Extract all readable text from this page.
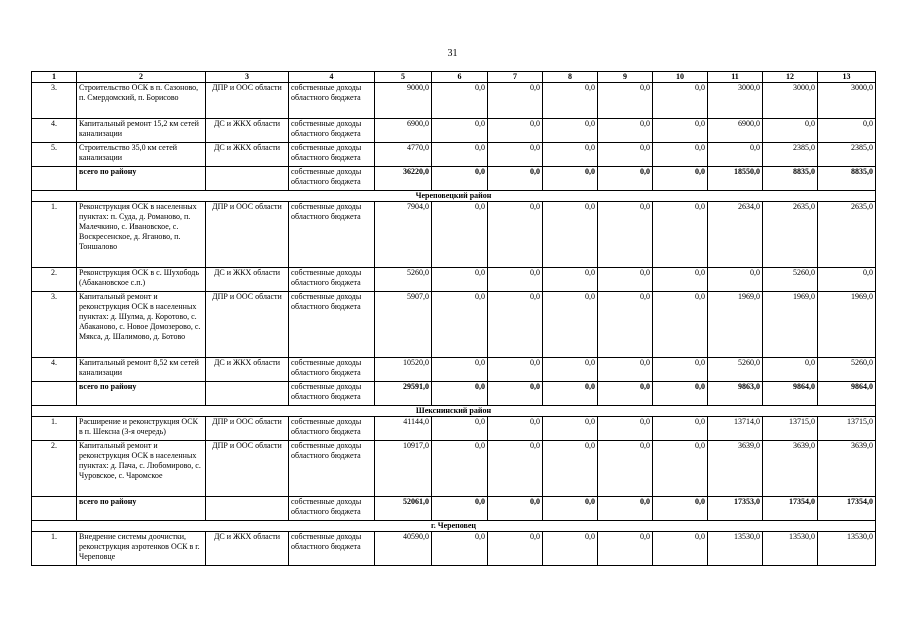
31
1	2	3	4	5	6	7	8	9	10	11	12	13
3.	Строительство ОСК в п. Сазоново, п. Смердомский, п. Борисово	ДПР и ООС области	собственные доходы областного бюджета	9000,0	0,0	0,0	0,0	0,0	0,0	3000,0	3000,0	3000,0
4.	Капитальный ремонт 15,2 км сетей канализации	ДС и ЖКХ области	собственные доходы областного бюджета	6900,0	0,0	0,0	0,0	0,0	0,0	6900,0	0,0	0,0
5.	Строительство 35,0 км сетей канализации	ДС и ЖКХ области	собственные доходы областного бюджета	4770,0	0,0	0,0	0,0	0,0	0,0	0,0	2385,0	2385,0
	всего по району		собственные доходы областного бюджета	36220,0	0,0	0,0	0,0	0,0	0,0	18550,0	8835,0	8835,0
Череповецкий район												
1.	Реконструкция ОСК в населенных пунктах: п. Суда, д. Романово, п. Малечкино, с. Ивановское, с. Воскресенское, д. Яганово, п. Тоншалово	ДПР и ООС области	собственные доходы областного бюджета	7904,0	0,0	0,0	0,0	0,0	0,0	2634,0	2635,0	2635,0
2.	Реконструкция ОСК в с. Шухободь (Абакановское с.п.)	ДС и ЖКХ области	собственные доходы областного бюджета	5260,0	0,0	0,0	0,0	0,0	0,0	0,0	5260,0	0,0
3.	Капитальный ремонт и реконструкция ОСК в населенных пунктах: д. Шулма, д. Коротово, с. Абаканово, с. Новое Домозерово, с. Мякса, д. Шалимово, д. Ботово	ДПР и ООС области	собственные доходы областного бюджета	5907,0	0,0	0,0	0,0	0,0	0,0	1969,0	1969,0	1969,0
4.	Капитальный ремонт 8,52 км сетей канализации	ДС и ЖКХ области	собственные доходы областного бюджета	10520,0	0,0	0,0	0,0	0,0	0,0	5260,0	0,0	5260,0
	всего по району		собственные доходы областного бюджета	29591,0	0,0	0,0	0,0	0,0	0,0	9863,0	9864,0	9864,0
Шекснинский район												
1.	Расширение и реконструкция ОСК в п. Шексна (3-я очередь)	ДПР и ООС области	собственные доходы областного бюджета	41144,0	0,0	0,0	0,0	0,0	0,0	13714,0	13715,0	13715,0
2.	Капитальный ремонт и реконструкция ОСК в населенных пунктах: д. Пача, с. Любомирово, с. Чуровское, с. Чаромское	ДПР и ООС области	собственные доходы областного бюджета	10917,0	0,0	0,0	0,0	0,0	0,0	3639,0	3639,0	3639,0
	всего по району		собственные доходы областного бюджета	52061,0	0,0	0,0	0,0	0,0	0,0	17353,0	17354,0	17354,0
г. Череповец												
1.	Внедрение системы доочистки, реконструкция аэротенков ОСК в г. Череповце	ДС и ЖКХ области	собственные доходы областного бюджета	40590,0	0,0	0,0	0,0	0,0	0,0	13530,0	13530,0	13530,0
